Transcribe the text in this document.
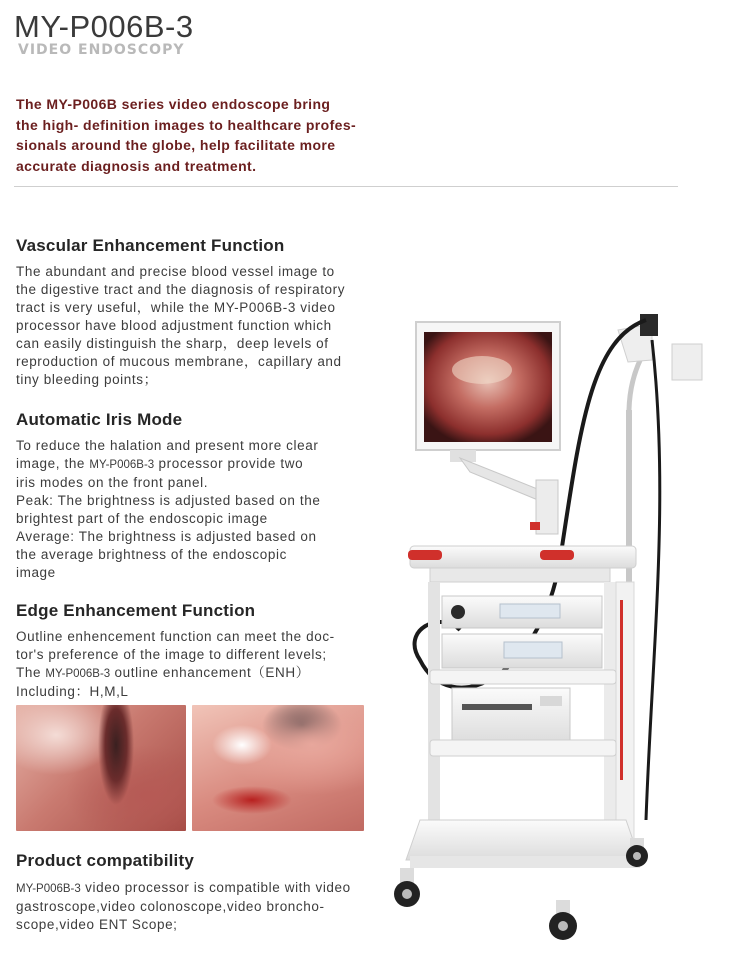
MY-P006B-3
VIDEO ENDOSCOPY
The MY-P006B series video endoscope bring
the high- definition images to healthcare profes-
sionals around the globe, help facilitate more
accurate diagnosis and treatment.
Vascular Enhancement Function
The abundant and precise blood vessel image to
the digestive tract and the diagnosis of respiratory
tract is very useful，while the MY-P006B-3 video
processor have blood adjustment function which
can easily distinguish the sharp，deep levels of
reproduction of mucous membrane，capillary and
tiny bleeding points；
Automatic Iris Mode
To reduce the halation and present more clear
image, the MY-P006B-3 processor provide two
iris modes on the front panel.
Peak: The brightness is adjusted based on the
brightest part of the endoscopic image
Average: The brightness is adjusted based on
the average brightness of the endoscopic
image
Edge Enhancement Function
Outline enhencement function can meet the doc-
tor's preference of the image to different levels;
The MY-P006B-3 outline enhancement（ENH）
Including：H,M,L
Product compatibility
MY-P006B-3 video processor is compatible with video
gastroscope,video colonoscope,video broncho-
scope,video ENT Scope;
